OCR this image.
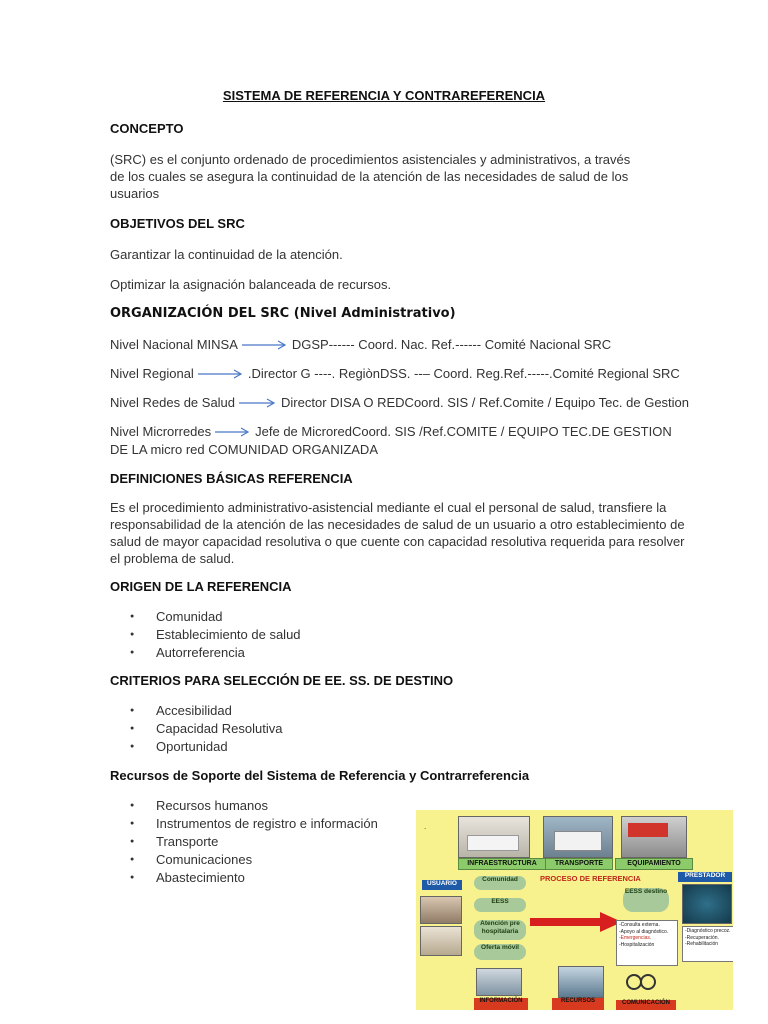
SISTEMA DE REFERENCIA Y CONTRAREFERENCIA
CONCEPTO
(SRC) es el conjunto ordenado de procedimientos asistenciales y administrativos, a través
de los cuales se asegura la continuidad de la atención de las necesidades de salud de los
usuarios
OBJETIVOS DEL SRC
Garantizar la continuidad de la atención.
Optimizar la asignación balanceada de recursos.
ORGANIZACIÓN DEL SRC (Nivel Administrativo)
Nivel Nacional MINSA	DGSP------ Coord. Nac. Ref.------ Comité Nacional SRC
Nivel Regional	.Director G ----. RegiònDSS. --– Coord. Reg.Ref.-----.Comité Regional SRC
Nivel Redes de Salud	Director DISA O REDCoord. SIS / Ref.Comite / Equipo Tec. de Gestion
Nivel Microrredes	Jefe de MicroredCoord. SIS /Ref.COMITE / EQUIPO TEC.DE GESTION
DE LA micro red COMUNIDAD ORGANIZADA
DEFINICIONES BÁSICAS REFERENCIA
Es el procedimiento administrativo-asistencial mediante el cual el personal de salud, transfiere la
responsabilidad de la atención de las necesidades de salud de un usuario a otro establecimiento de
salud de mayor capacidad resolutiva o que cuente con capacidad resolutiva requerida para resolver
el problema de salud.
ORIGEN DE LA REFERENCIA
● Comunidad
● Establecimiento de salud
● Autorreferencia
CRITERIOS PARA SELECCIÓN DE EE. SS. DE DESTINO
● Accesibilidad
● Capacidad Resolutiva
● Oportunidad
Recursos de Soporte del Sistema de Referencia y Contrarreferencia
● Recursos humanos
● Instrumentos de registro e información
● Transporte
● Comunicaciones
● Abastecimiento
.
INFRAESTRUCTURA	TRANSPORTE	EQUIPAMIENTO
PRESTADOR
USUARIO
PROCESO DE REFERENCIA
Comunidad
EESS
Atención pre hospitalaria
Oferta móvil
EESS destino
-Consulta externa.
-Apoyo al diagnóstico.
-Emergencias.
-Hospitalización
-Diagnóstico precoz.
-Recuperación.
-Rehabilitación
INFORMACIÓN	RECURSOS	COMUNICACIÓN
